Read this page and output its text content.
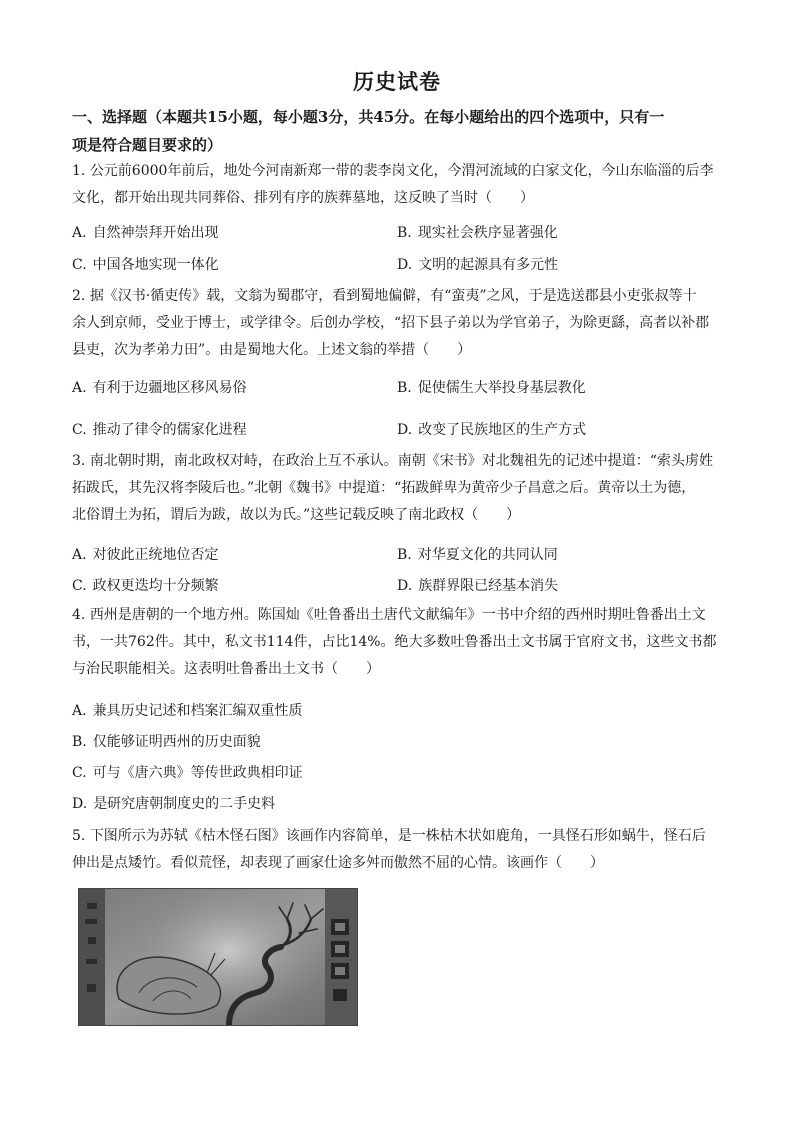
历史试卷
一、选择题（本题共15小题，每小题3分，共45分。在每小题给出的四个选项中，只有一
项是符合题目要求的）
1. 公元前6000年前后，地处今河南新郑一带的裴李岗文化，今渭河流域的白家文化，今山东临淄的后李
文化，都开始出现共同葬俗、排列有序的族葬墓地，这反映了当时（　　）
A. 自然神崇拜开始出现	B. 现实社会秩序显著强化
C. 中国各地实现一体化	D. 文明的起源具有多元性
2. 据《汉书·循吏传》载，文翁为蜀郡守，看到蜀地偏僻，有“蛮夷”之风，于是选送郡县小吏张叔等十
余人到京师，受业于博士，或学律令。后创办学校，“招下县子弟以为学官弟子，为除更繇，高者以补郡
县吏，次为孝弟力田”。由是蜀地大化。上述文翁的举措（　　）
A. 有利于边疆地区移风易俗	B. 促使儒生大举投身基层教化
C. 推动了律令的儒家化进程	D. 改变了民族地区的生产方式
3. 南北朝时期，南北政权对峙，在政治上互不承认。南朝《宋书》对北魏祖先的记述中提道：“索头虏姓
拓跋氏，其先汉将李陵后也。”北朝《魏书》中提道：“拓跋鲜卑为黄帝少子昌意之后。黄帝以土为德，
北俗谓土为拓，谓后为跋，故以为氏。”这些记载反映了南北政权（　　）
A. 对彼此正统地位否定	B. 对华夏文化的共同认同
C. 政权更迭均十分频繁	D. 族群界限已经基本消失
4. 西州是唐朝的一个地方州。陈国灿《吐鲁番出土唐代文献编年》一书中介绍的西州时期吐鲁番出土文
书，一共762件。其中，私文书114件，占比14%。绝大多数吐鲁番出土文书属于官府文书，这些文书都
与治民职能相关。这表明吐鲁番出土文书（　　）
A. 兼具历史记述和档案汇编双重性质
B. 仅能够证明西州的历史面貌
C. 可与《唐六典》等传世政典相印证
D. 是研究唐朝制度史的二手史料
5. 下图所示为苏轼《枯木怪石图》该画作内容简单，是一株枯木状如鹿角，一具怪石形如蜗牛，怪石后
伸出是点矮竹。看似荒怪，却表现了画家仕途多舛而傲然不屈的心情。该画作（　　）
